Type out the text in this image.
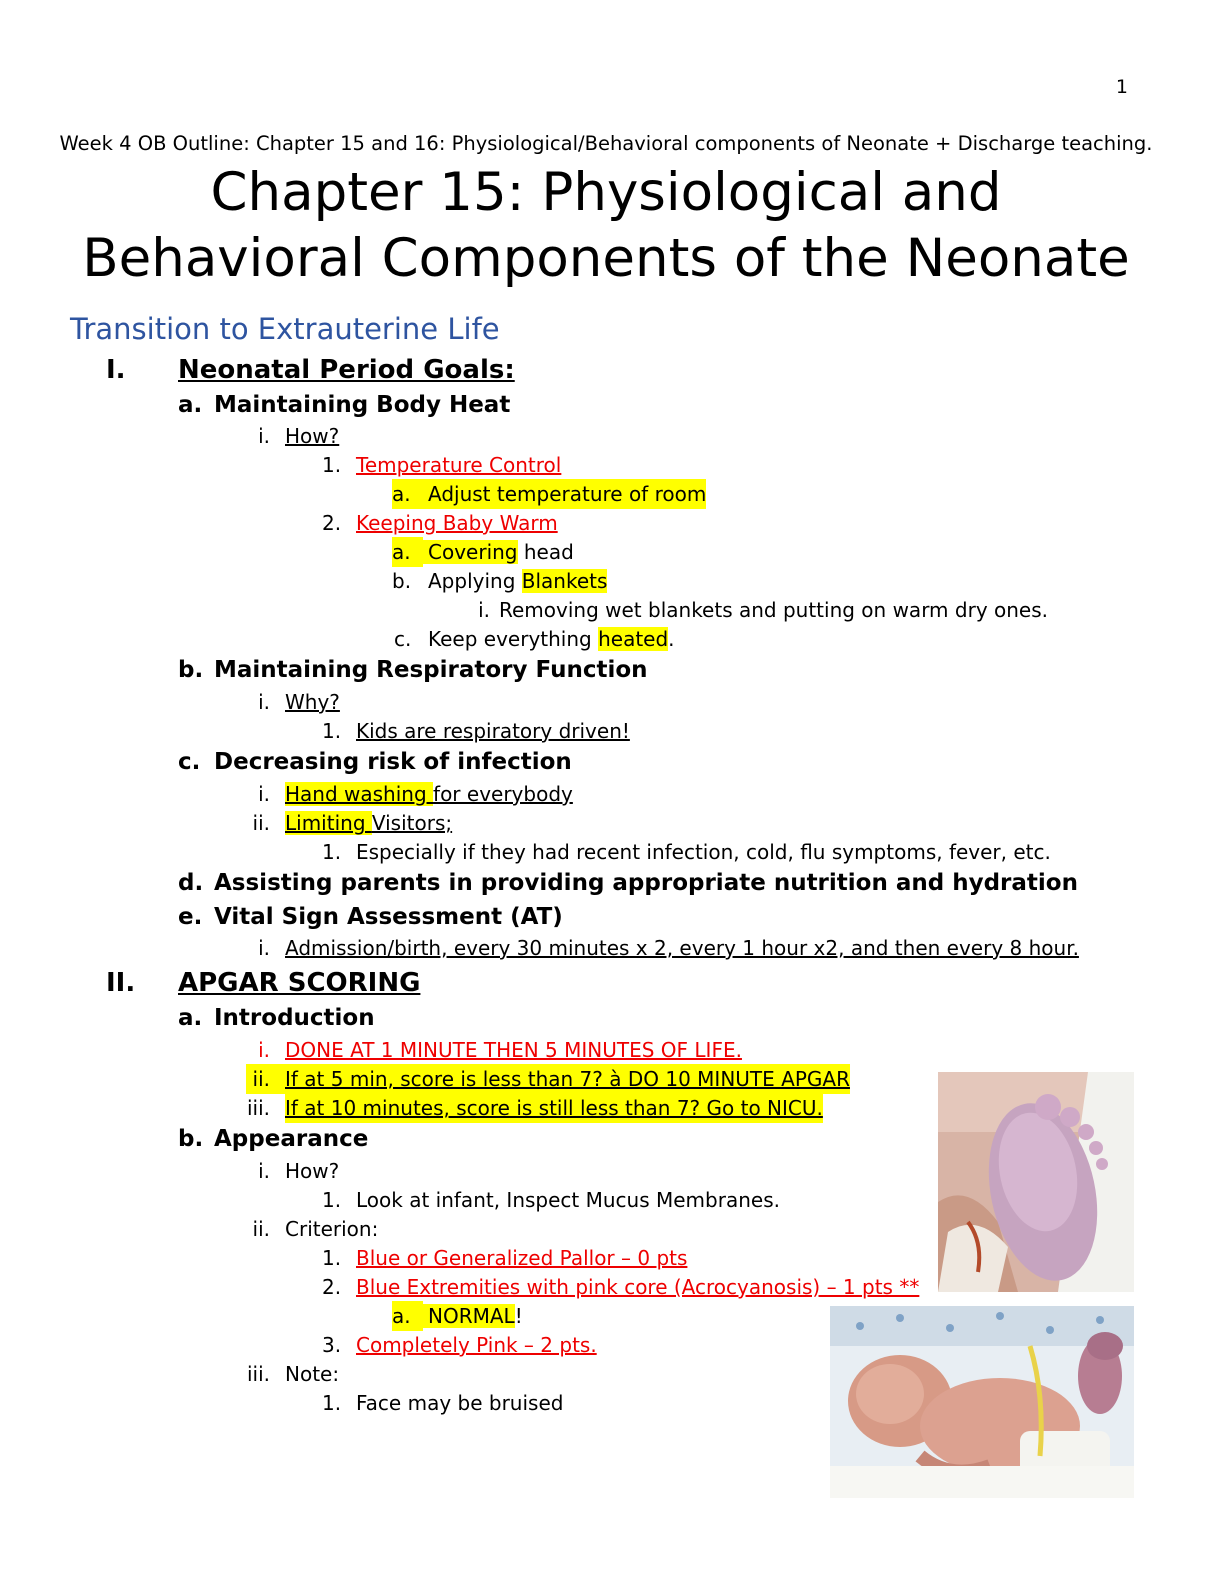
1
Week 4 OB Outline: Chapter 15 and 16: Physiological/Behavioral components of Neonate + Discharge teaching.
Chapter 15: Physiological and
Behavioral Components of the Neonate
Transition to Extrauterine Life
I. Neonatal Period Goals:
a. Maintaining Body Heat
i. How?
1. Temperature Control
a. Adjust temperature of room
2. Keeping Baby Warm
a. Covering head
b. Applying Blankets
i. Removing wet blankets and putting on warm dry ones.
c. Keep everything heated.
b. Maintaining Respiratory Function
i. Why?
1. Kids are respiratory driven!
c. Decreasing risk of infection
i. Hand washing for everybody
ii. Limiting Visitors;
1. Especially if they had recent infection, cold, flu symptoms, fever, etc.
d. Assisting parents in providing appropriate nutrition and hydration
e. Vital Sign Assessment (AT)
i. Admission/birth, every 30 minutes x 2, every 1 hour x2, and then every 8 hour.
II. APGAR SCORING
a. Introduction
i. DONE AT 1 MINUTE THEN 5 MINUTES OF LIFE.
ii. If at 5 min, score is less than 7? à DO 10 MINUTE APGAR
iii. If at 10 minutes, score is still less than 7? Go to NICU.
b. Appearance
i. How?
1. Look at infant, Inspect Mucus Membranes.
ii. Criterion:
1. Blue or Generalized Pallor – 0 pts
2. Blue Extremities with pink core (Acrocyanosis) – 1 pts **
a. NORMAL!
3. Completely Pink – 2 pts.
iii. Note:
1. Face may be bruised
